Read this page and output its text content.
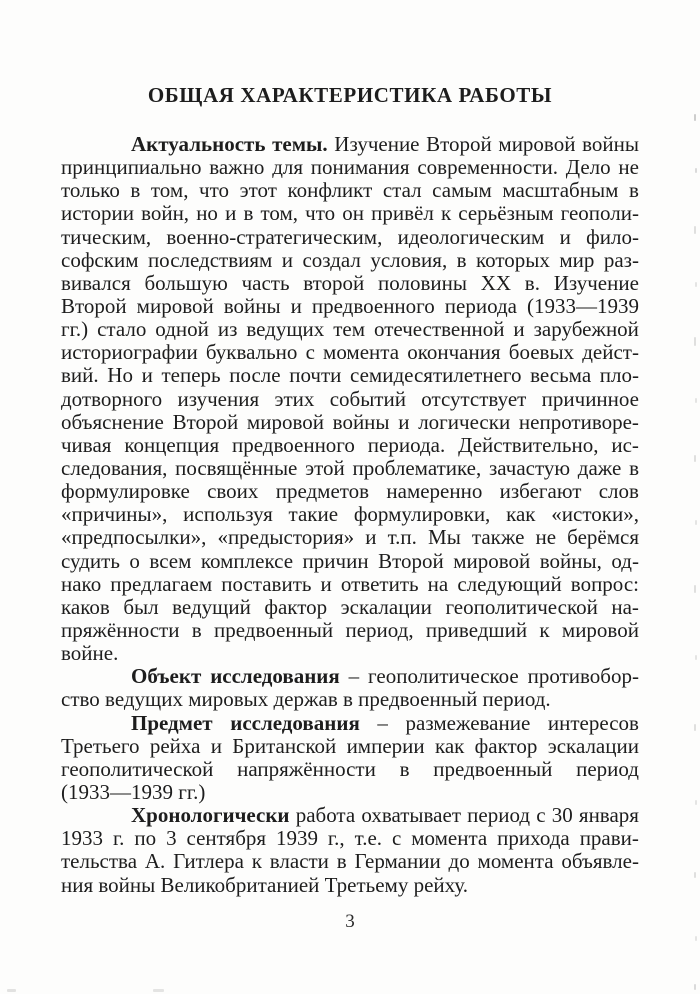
ОБЩАЯ ХАРАКТЕРИСТИКА РАБОТЫ
Актуальность темы. Изучение Второй мировой войны
принципиально важно для понимания современности. Дело не
только в том, что этот конфликт стал самым масштабным в
истории войн, но и в том, что он привёл к серьёзным геополи-
тическим, военно-стратегическим, идеологическим и фило-
софским последствиям и создал условия, в которых мир раз-
вивался большую часть второй половины XX в. Изучение
Второй мировой войны и предвоенного периода (1933—1939
гг.) стало одной из ведущих тем отечественной и зарубежной
историографии буквально с момента окончания боевых дейст-
вий. Но и теперь после почти семидесятилетнего весьма пло-
дотворного изучения этих событий отсутствует причинное
объяснение Второй мировой войны и логически непротиворе-
чивая концепция предвоенного периода. Действительно, ис-
следования, посвящённые этой проблематике, зачастую даже в
формулировке своих предметов намеренно избегают слов
«причины», используя такие формулировки, как «истоки»,
«предпосылки», «предыстория» и т.п. Мы также не берёмся
судить о всем комплексе причин Второй мировой войны, од-
нако предлагаем поставить и ответить на следующий вопрос:
каков был ведущий фактор эскалации геополитической на-
пряжённости в предвоенный период, приведший к мировой
войне.
Объект исследования – геополитическое противобор-
ство ведущих мировых держав в предвоенный период.
Предмет исследования – размежевание интересов
Третьего рейха и Британской империи как фактор эскалации
геополитической напряжённости в предвоенный период
(1933—1939 гг.)
Хронологически работа охватывает период с 30 января
1933 г. по 3 сентября 1939 г., т.е. с момента прихода прави-
тельства А. Гитлера к власти в Германии до момента объявле-
ния войны Великобританией Третьему рейху.
3
